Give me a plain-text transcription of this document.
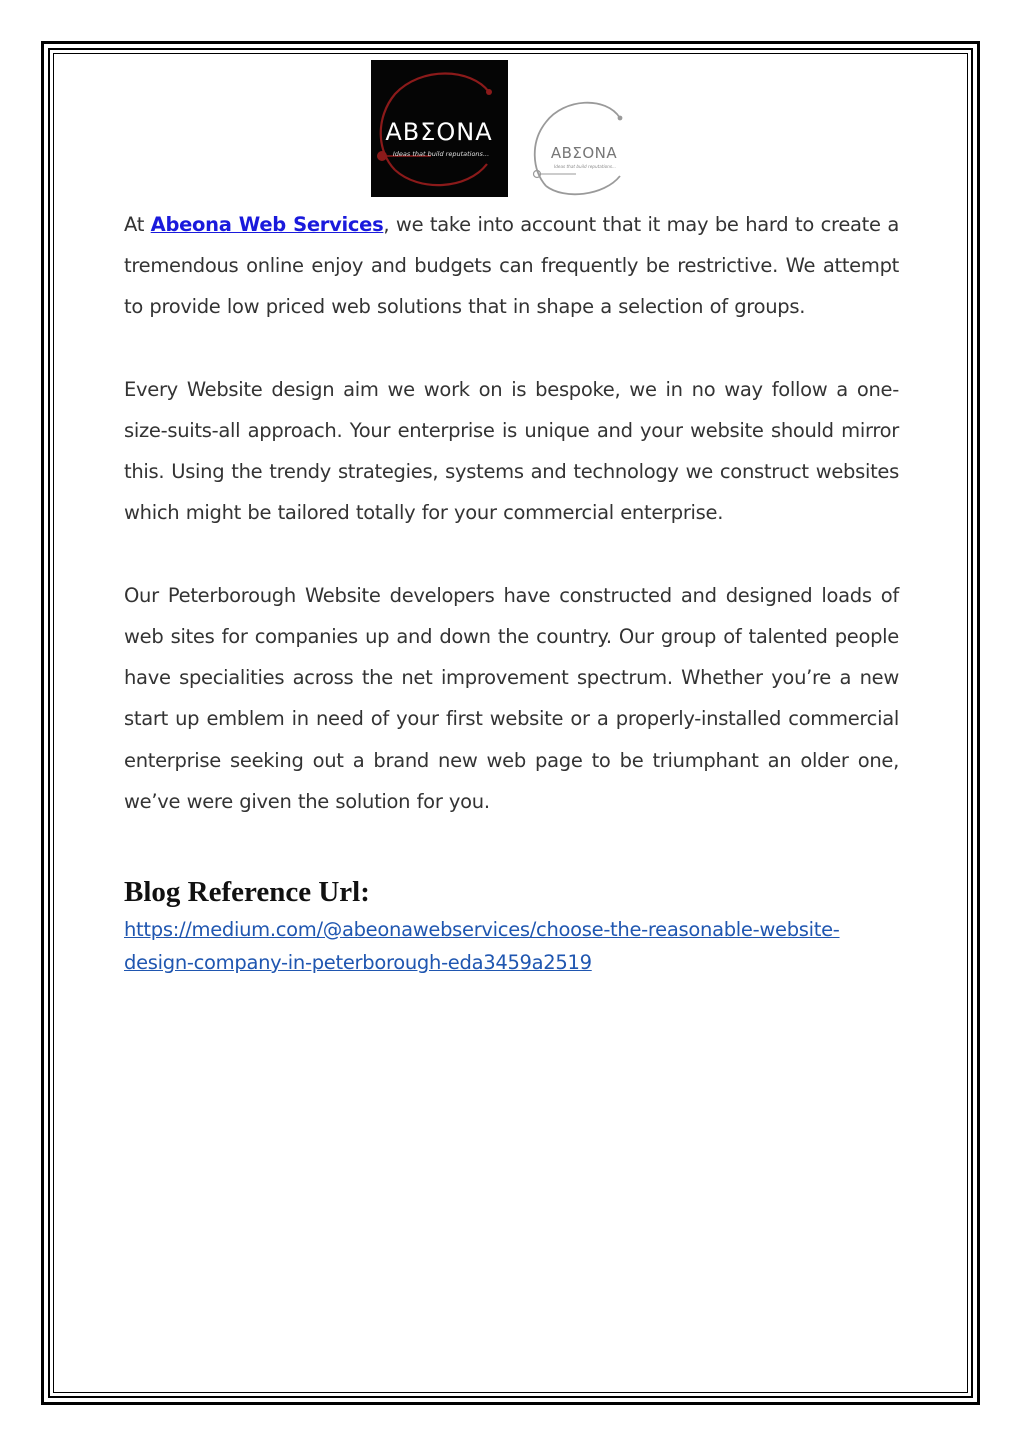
ΑΒΣΟΝΑ
Ideas that build reputations...	ΑΒΣΟΝΑ
Ideas that build reputations...

At Abeona Web Services, we take into account that it may be hard to create a tremendous online enjoy and budgets can frequently be restrictive. We attempt to provide low priced web solutions that in shape a selection of groups.

Every Website design aim we work on is bespoke, we in no way follow a one-size-suits-all approach. Your enterprise is unique and your website should mirror this. Using the trendy strategies, systems and technology we construct websites which might be tailored totally for your commercial enterprise.

Our Peterborough Website developers have constructed and designed loads of web sites for companies up and down the country. Our group of talented people have specialities across the net improvement spectrum. Whether you’re a new start up emblem in need of your first website or a properly-installed commercial enterprise seeking out a brand new web page to be triumphant an older one, we’ve were given the solution for you.

Blog Reference Url:
https://medium.com/@abeonawebservices/choose-the-reasonable-website-
design-company-in-peterborough-eda3459a2519
